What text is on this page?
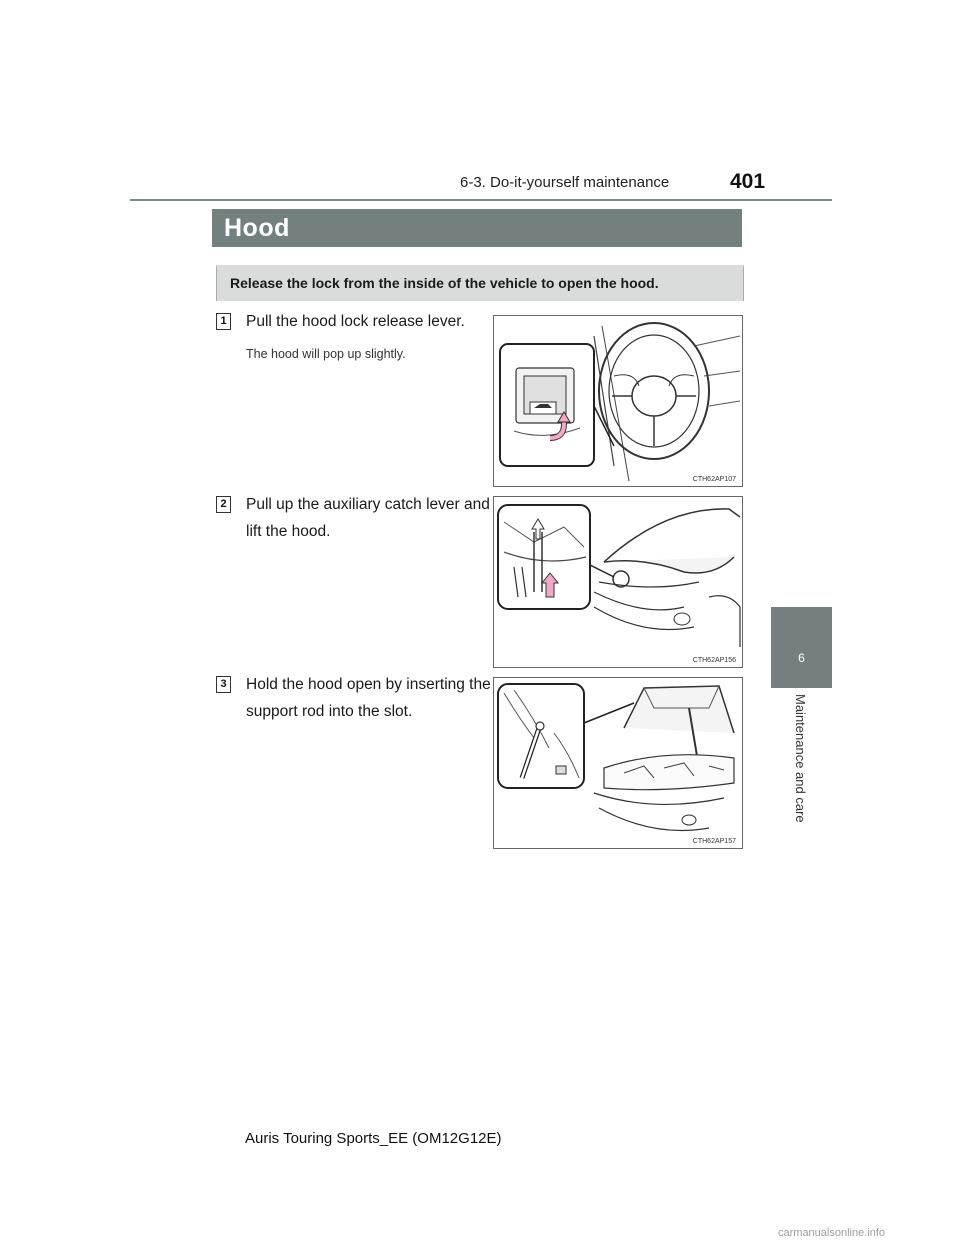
6-3. Do-it-yourself maintenance	401
Hood
Release the lock from the inside of the vehicle to open the hood.
1 Pull the hood lock release lever.
The hood will pop up slightly.
CTH62AP107
2 Pull up the auxiliary catch lever and lift the hood.
CTH62AP156
3 Hold the hood open by inserting the support rod into the slot.
CTH62AP157
6
Maintenance and care
Auris Touring Sports_EE (OM12G12E)
carmanualsonline.info
